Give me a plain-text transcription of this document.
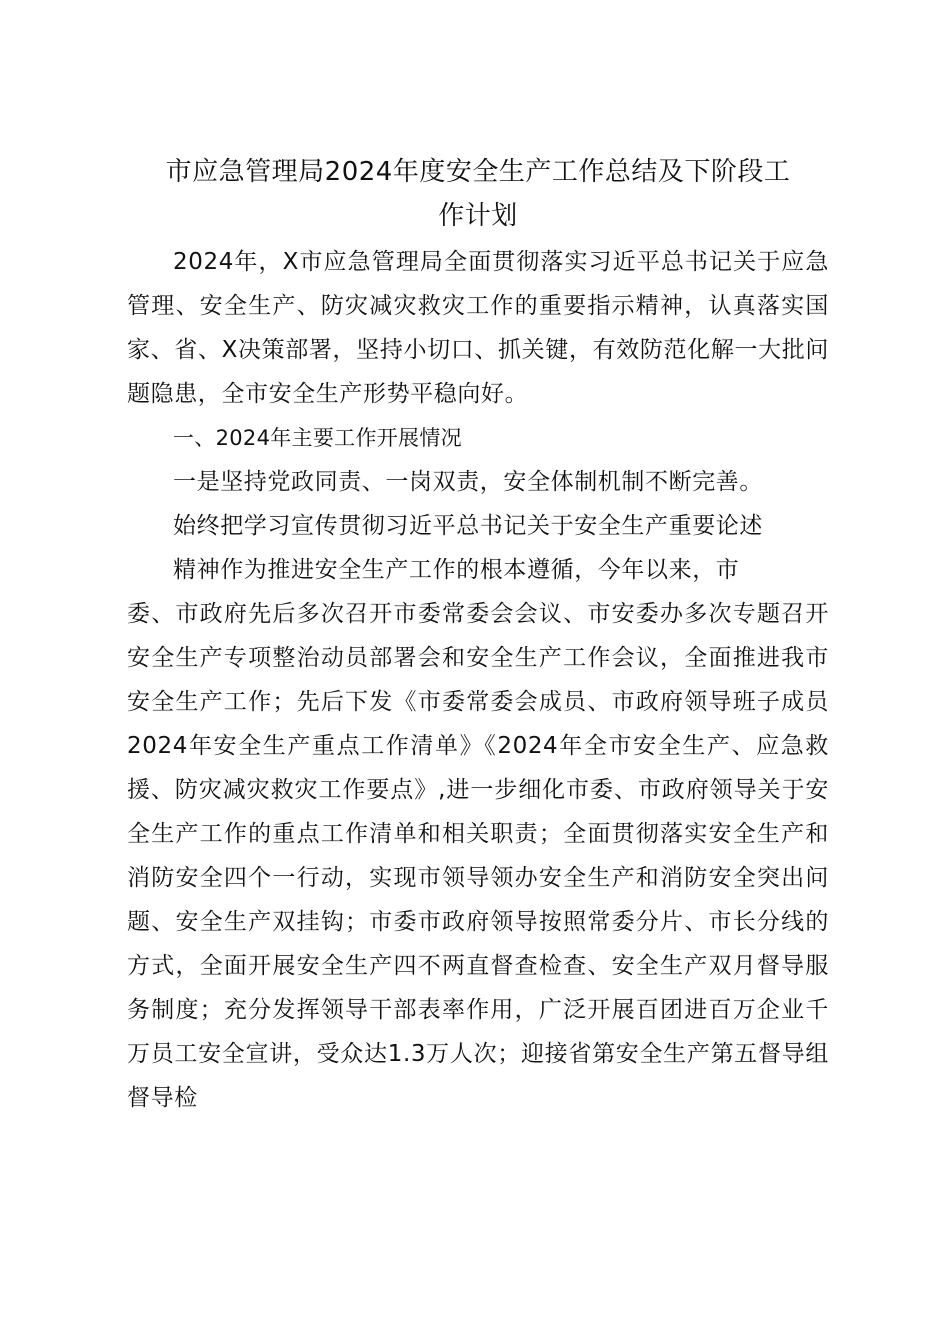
市应急管理局2024年度安全生产工作总结及下阶段工
作计划

2024年，X市应急管理局全面贯彻落实习近平总书记关于应急管理、安全生产、防灾减灾救灾工作的重要指示精神，认真落实国家、省、X决策部署，坚持小切口、抓关键，有效防范化解一大批问题隐患，全市安全生产形势平稳向好。

一、2024年主要工作开展情况

一是坚持党政同责、一岗双责，安全体制机制不断完善。

始终把学习宣传贯彻习近平总书记关于安全生产重要论述

精神作为推进安全生产工作的根本遵循，今年以来，市

委、市政府先后多次召开市委常委会会议、市安委办多次专题召开安全生产专项整治动员部署会和安全生产工作会议，全面推进我市安全生产工作；先后下发《市委常委会成员、市政府领导班子成员2024年安全生产重点工作清单》《2024年全市安全生产、应急救援、防灾减灾救灾工作要点》,进一步细化市委、市政府领导关于安全生产工作的重点工作清单和相关职责；全面贯彻落实安全生产和消防安全四个一行动，实现市领导领办安全生产和消防安全突出问题、安全生产双挂钩；市委市政府领导按照常委分片、市长分线的方式，全面开展安全生产四不两直督查检查、安全生产双月督导服务制度；充分发挥领导干部表率作用，广泛开展百团进百万企业千万员工安全宣讲，受众达1.3万人次；迎接省第安全生产第五督导组督导检
